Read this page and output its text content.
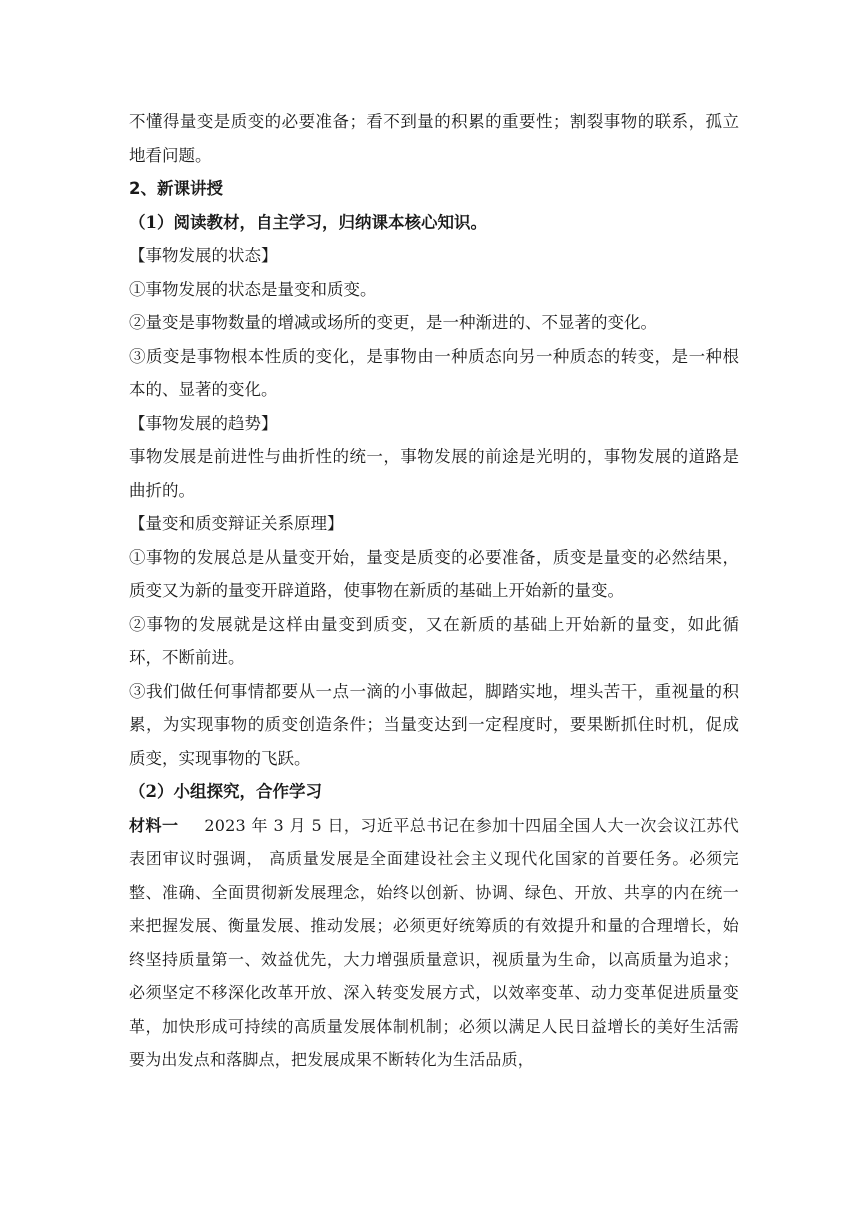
不懂得量变是质变的必要准备；看不到量的积累的重要性；割裂事物的联系，孤立地看问题。

2、新课讲授

（1）阅读教材，自主学习，归纳课本核心知识。

【事物发展的状态】

①事物发展的状态是量变和质变。

②量变是事物数量的增减或场所的变更，是一种渐进的、不显著的变化。

③质变是事物根本性质的变化，是事物由一种质态向另一种质态的转变，是一种根本的、显著的变化。

【事物发展的趋势】

事物发展是前进性与曲折性的统一，事物发展的前途是光明的，事物发展的道路是曲折的。

【量变和质变辩证关系原理】

①事物的发展总是从量变开始，量变是质变的必要准备，质变是量变的必然结果，质变又为新的量变开辟道路，使事物在新质的基础上开始新的量变。

②事物的发展就是这样由量变到质变，又在新质的基础上开始新的量变，如此循环，不断前进。

③我们做任何事情都要从一点一滴的小事做起，脚踏实地，埋头苦干，重视量的积累，为实现事物的质变创造条件；当量变达到一定程度时，要果断抓住时机，促成质变，实现事物的飞跃。

（2）小组探究，合作学习

材料一 2023 年 3 月 5 日，习近平总书记在参加十四届全国人大一次会议江苏代表团审议时强调， 高质量发展是全面建设社会主义现代化国家的首要任务。必须完整、准确、全面贯彻新发展理念，始终以创新、协调、绿色、开放、共享的内在统一来把握发展、衡量发展、推动发展；必须更好统筹质的有效提升和量的合理增长，始终坚持质量第一、效益优先，大力增强质量意识，视质量为生命，以高质量为追求；必须坚定不移深化改革开放、深入转变发展方式，以效率变革、动力变革促进质量变革，加快形成可持续的高质量发展体制机制；必须以满足人民日益增长的美好生活需要为出发点和落脚点，把发展成果不断转化为生活品质，
